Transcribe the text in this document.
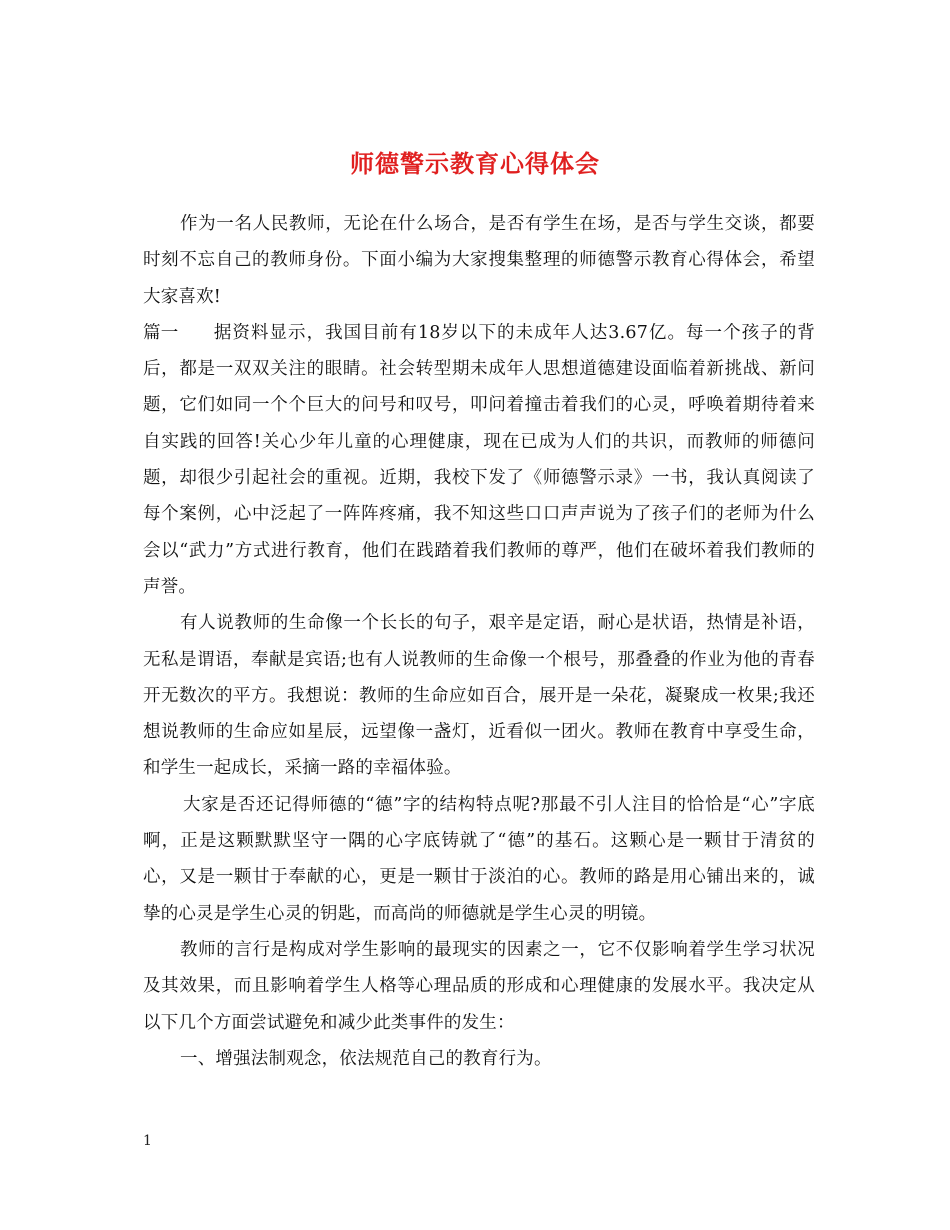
师德警示教育心得体会

作为一名人民教师，无论在什么场合，是否有学生在场，是否与学生交谈，都要时刻不忘自己的教师身份。下面小编为大家搜集整理的师德警示教育心得体会，希望大家喜欢!

篇一 据资料显示，我国目前有18岁以下的未成年人达3.67亿。每一个孩子的背后，都是一双双关注的眼睛。社会转型期未成年人思想道德建设面临着新挑战、新问题，它们如同一个个巨大的问号和叹号，叩问着撞击着我们的心灵，呼唤着期待着来自实践的回答!关心少年儿童的心理健康，现在已成为人们的共识，而教师的师德问题，却很少引起社会的重视。近期，我校下发了《师德警示录》一书，我认真阅读了每个案例，心中泛起了一阵阵疼痛，我不知这些口口声声说为了孩子们的老师为什么会以“武力”方式进行教育，他们在践踏着我们教师的尊严，他们在破坏着我们教师的声誉。

有人说教师的生命像一个长长的句子，艰辛是定语，耐心是状语，热情是补语，无私是谓语，奉献是宾语;也有人说教师的生命像一个根号，那叠叠的作业为他的青春开无数次的平方。我想说：教师的生命应如百合，展开是一朵花，凝聚成一枚果;我还想说教师的生命应如星辰，远望像一盏灯，近看似一团火。教师在教育中享受生命，和学生一起成长，采摘一路的幸福体验。

大家是否还记得师德的“德”字的结构特点呢?那最不引人注目的恰恰是“心”字底啊，正是这颗默默坚守一隅的心字底铸就了“德”的基石。这颗心是一颗甘于清贫的心，又是一颗甘于奉献的心，更是一颗甘于淡泊的心。教师的路是用心铺出来的，诚挚的心灵是学生心灵的钥匙，而高尚的师德就是学生心灵的明镜。

教师的言行是构成对学生影响的最现实的因素之一，它不仅影响着学生学习状况及其效果，而且影响着学生人格等心理品质的形成和心理健康的发展水平。我决定从以下几个方面尝试避免和减少此类事件的发生：

一、增强法制观念，依法规范自己的教育行为。

1
